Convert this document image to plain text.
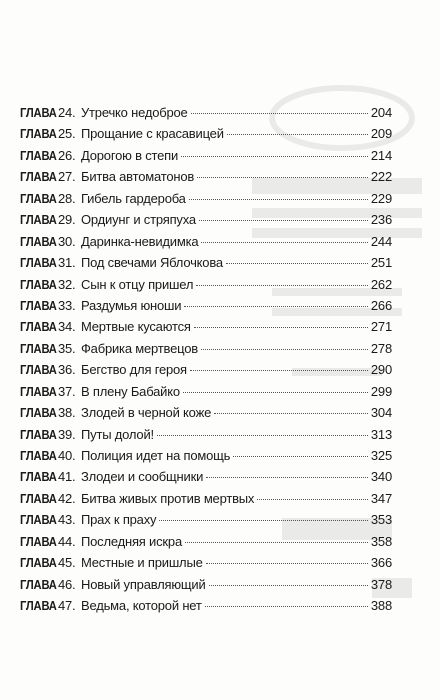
ГЛАВА 24. Утречко недоброе	204
ГЛАВА 25. Прощание с красавицей	209
ГЛАВА 26. Дорогою в степи	214
ГЛАВА 27. Битва автоматонов	222
ГЛАВА 28. Гибель гардероба	229
ГЛАВА 29. Ордиунг и стряпуха	236
ГЛАВА 30. Даринка-невидимка	244
ГЛАВА 31. Под свечами Яблочкова	251
ГЛАВА 32. Сын к отцу пришел	262
ГЛАВА 33. Раздумья юноши	266
ГЛАВА 34. Мертвые кусаются	271
ГЛАВА 35. Фабрика мертвецов	278
ГЛАВА 36. Бегство для героя	290
ГЛАВА 37. В плену Бабайко	299
ГЛАВА 38. Злодей в черной коже	304
ГЛАВА 39. Путы долой!	313
ГЛАВА 40. Полиция идет на помощь	325
ГЛАВА 41. Злодеи и сообщники	340
ГЛАВА 42. Битва живых против мертвых	347
ГЛАВА 43. Прах к праху	353
ГЛАВА 44. Последняя искра	358
ГЛАВА 45. Местные и пришлые	366
ГЛАВА 46. Новый управляющий	378
ГЛАВА 47. Ведьма, которой нет	388
